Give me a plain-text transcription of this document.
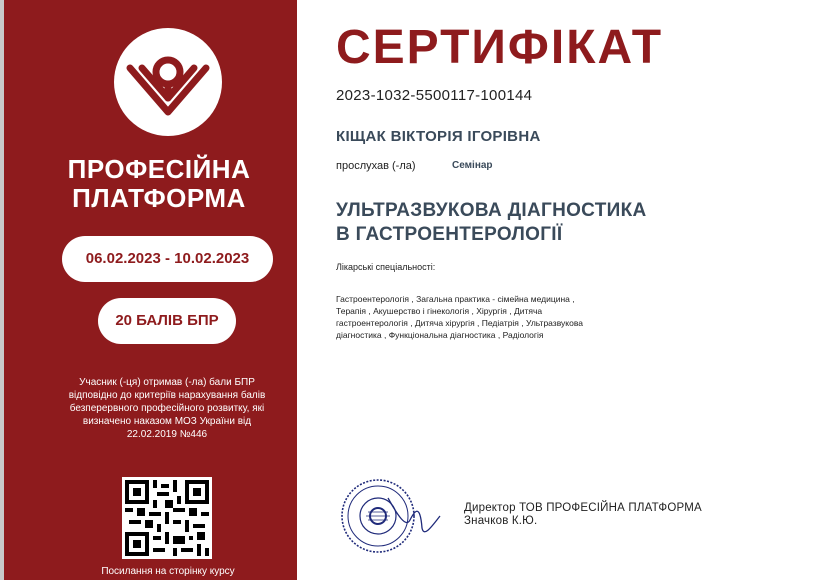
ПРОФЕСІЙНА
ПЛАТФОРМА
06.02.2023 - 10.02.2023
20 БАЛІВ БПР
Учасник (-ця) отримав (-ла) бали БПР
відповідно до критеріїв нарахування балів
безперервного професійного розвитку, які
визначено наказом МОЗ України від
22.02.2019 №446
Посилання на сторінку курсу
СЕРТИФІКАТ
2023-1032-5500117-100144
КІЩАК ВІКТОРІЯ ІГОРІВНА
прослухав (-ла)	Семінар
УЛЬТРАЗВУКОВА ДІАГНОСТИКА
В ГАСТРОЕНТЕРОЛОГІЇ
Лікарські спеціальності:
Гастроентерологія , Загальна практика - сімейна медицина ,
Терапія , Акушерство і гінекологія , Хірургія , Дитяча
гастроентерологія , Дитяча хірургія , Педіатрія , Ультразвукова
діагностика , Функціональна діагностика , Радіологія
Директор ТОВ ПРОФЕСІЙНА ПЛАТФОРМА
Значков К.Ю.
